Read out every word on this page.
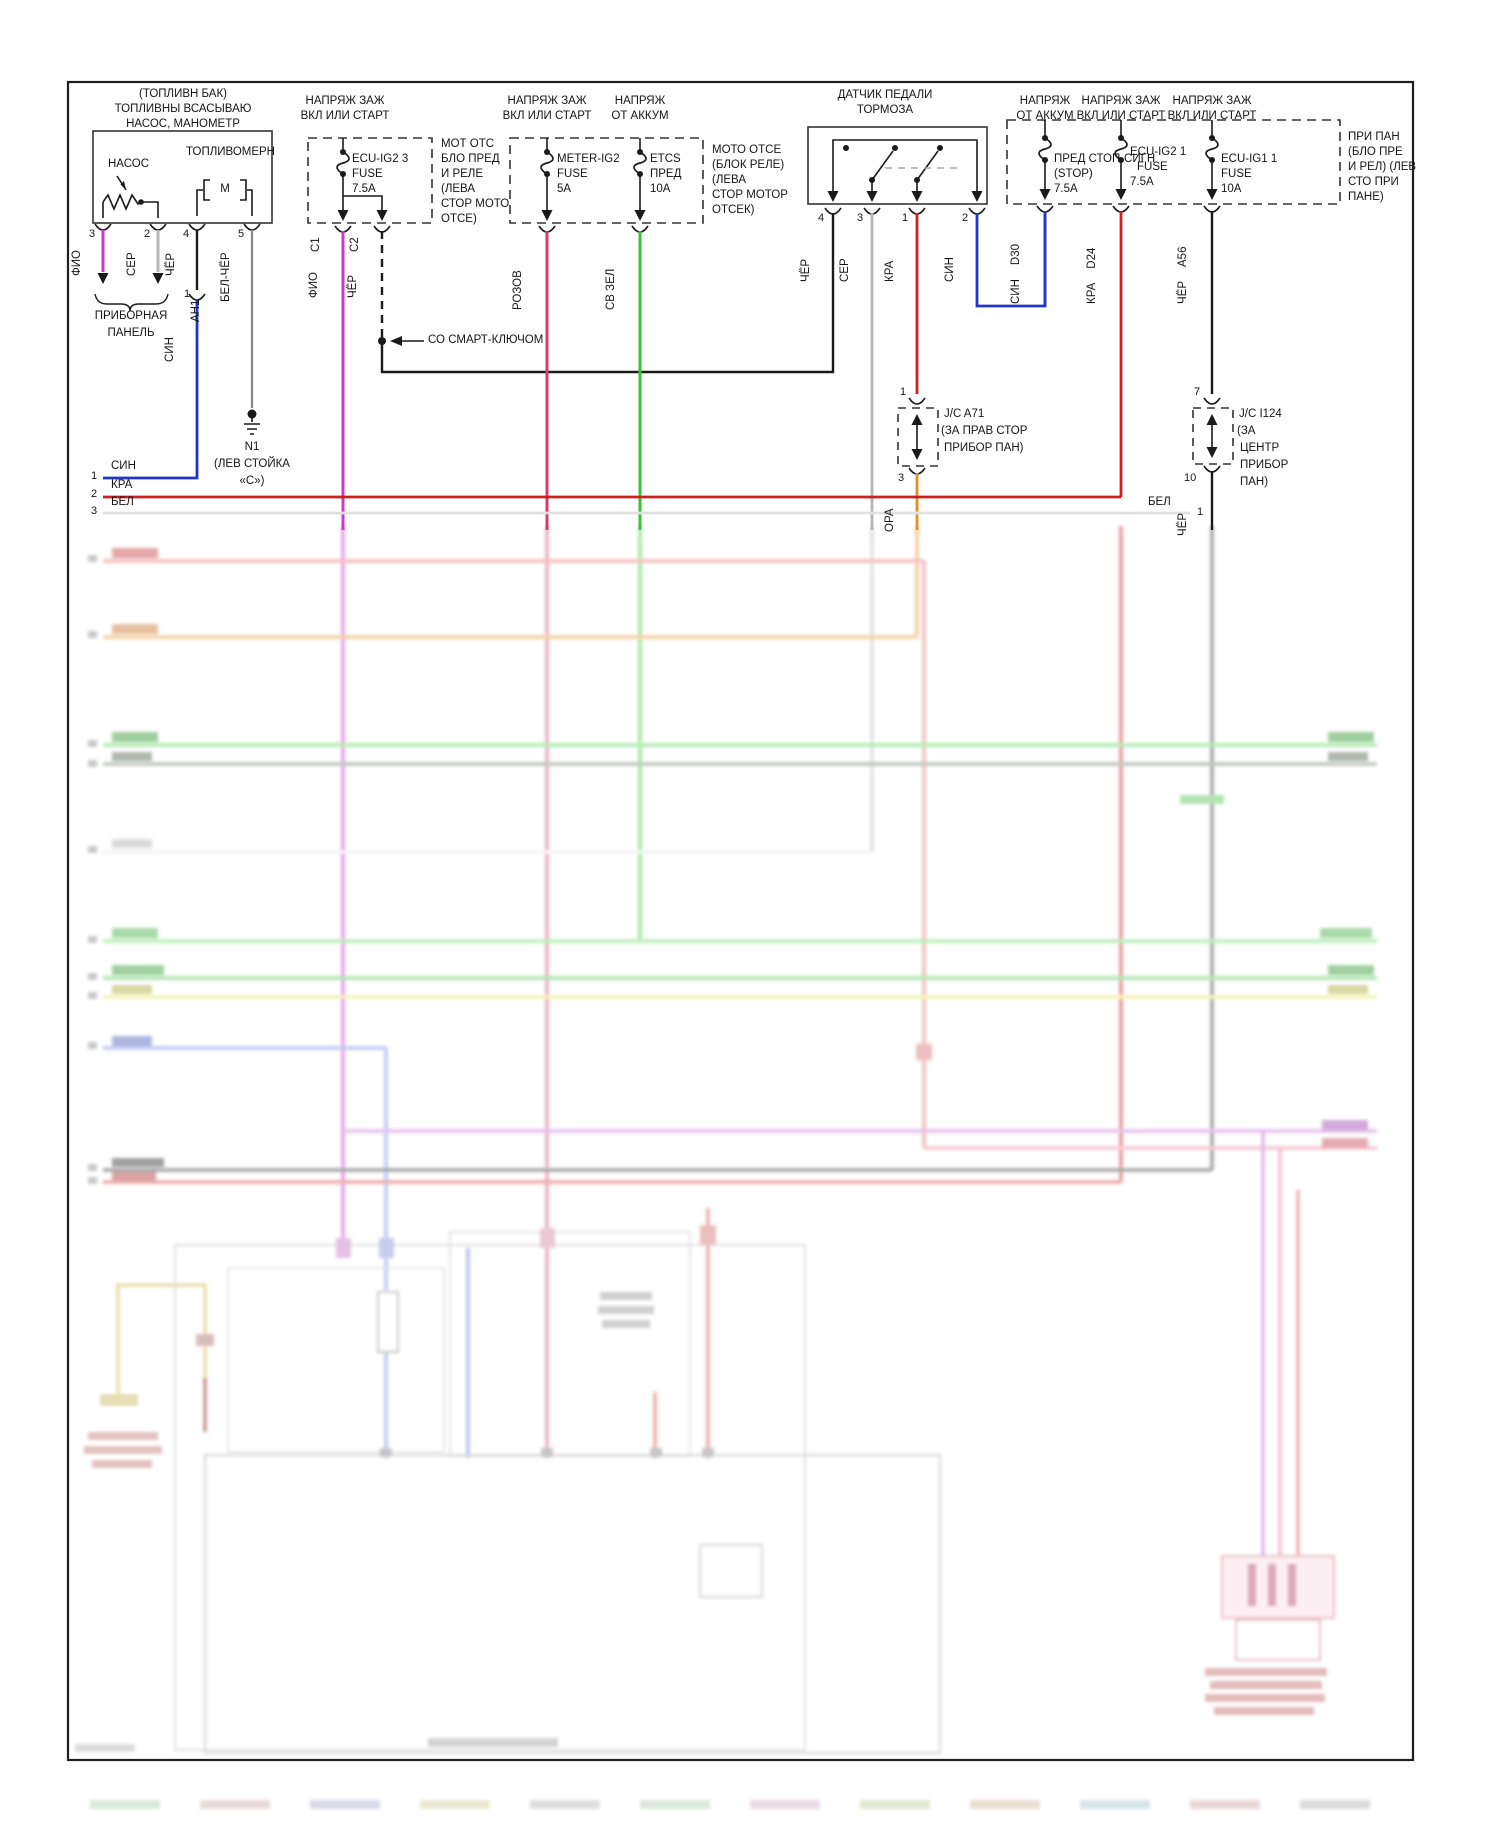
(ТОПЛИВН БАК)
ТОПЛИВНЫ ВСАСЫВАЮ
НАСОС, МАНОМЕТР
НАСОС
ТОПЛИВОМЕРН
М
3	2	4	5
ФИО	СЕР ЧЁР	БЕЛ-ЧЁР
ПРИБОРНАЯ
ПАНЕЛЬ
1
АН1
СИН
N1
(ЛЕВ СТОЙКА
«С»)
1
СИН
2
КРА
3
БЕЛ	БЕЛ
1
НАПРЯЖ ЗАЖ
ВКЛ ИЛИ СТАРТ
ECU-IG2 3
FUSE
7.5A
МОТ ОТС
БЛО ПРЕД
И РЕЛЕ
(ЛЕВА
СТОР МОТО
ОТСЕ)
С1
ФИО
С2
ЧЁР
СО СМАРТ-КЛЮЧОМ
НАПРЯЖ ЗАЖ
ВКЛ ИЛИ СТАРТ
НАПРЯЖ
ОТ АККУМ
METER-IG2
FUSE
5A
ETCS
ПРЕД
10A
МОТО ОТСЕ
(БЛОК РЕЛЕ)
(ЛЕВА
СТОР МОТОР
ОТСЕК)
РОЗОВ	СВ ЗЕЛ
ДАТЧИК ПЕДАЛИ
ТОРМОЗА
4	3	1	2
ЧЁР СЕР	КРА	СИН
НАПРЯЖ
ОТ АККУМ
НАПРЯЖ ЗАЖ
ВКЛ ИЛИ СТАРТ
НАПРЯЖ ЗАЖ
ВКЛ ИЛИ СТАРТ
ПРЕД СТОП-СИГН
(STOP)
7.5A
ECU-IG2 1
FUSE
7.5A
ECU-IG1 1
FUSE
10A
ПРИ ПАН
(БЛО ПРЕ
И РЕЛ) (ЛЕВ
СТО ПРИ
ПАНЕ)
СИНD30
КРАD24
ЧЁРA56
1
J/C A71
(ЗА ПРАВ СТОР
ПРИБОР ПАН)
3
ОРА
7
J/C I124
(ЗА
ЦЕНТР
ПРИБОР
ПАН)
10
ЧЁР
